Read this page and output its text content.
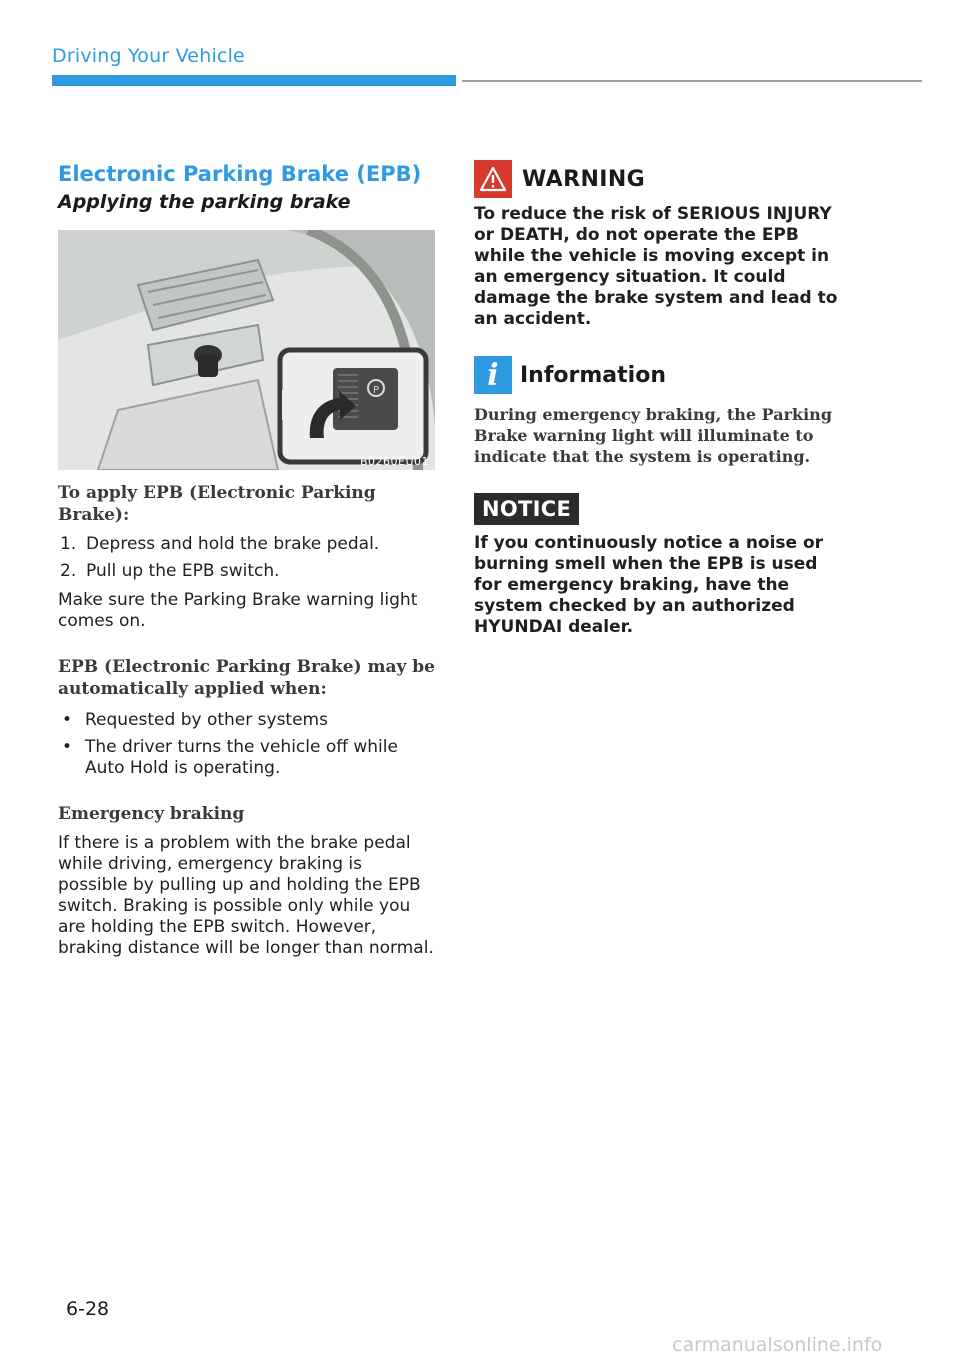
Driving Your Vehicle
Electronic Parking Brake (EPB)
Applying the parking brake
P
B0260EU01
To apply EPB (Electronic Parking Brake):
1. Depress and hold the brake pedal.
2. Pull up the EPB switch.
Make sure the Parking Brake warning light comes on.
EPB (Electronic Parking Brake) may be automatically applied when:
• Requested by other systems
• The driver turns the vehicle off while Auto Hold is operating.
Emergency braking
If there is a problem with the brake pedal while driving, emergency braking is possible by pulling up and holding the EPB switch. Braking is possible only while you are holding the EPB switch. However, braking distance will be longer than normal.
WARNING
To reduce the risk of SERIOUS INJURY or DEATH, do not operate the EPB while the vehicle is moving except in an emergency situation. It could damage the brake system and lead to an accident.
i Information
During emergency braking, the Parking Brake warning light will illuminate to indicate that the system is operating.
NOTICE
If you continuously notice a noise or burning smell when the EPB is used for emergency braking, have the system checked by an authorized HYUNDAI dealer.
6-28
carmanualsonline.info
